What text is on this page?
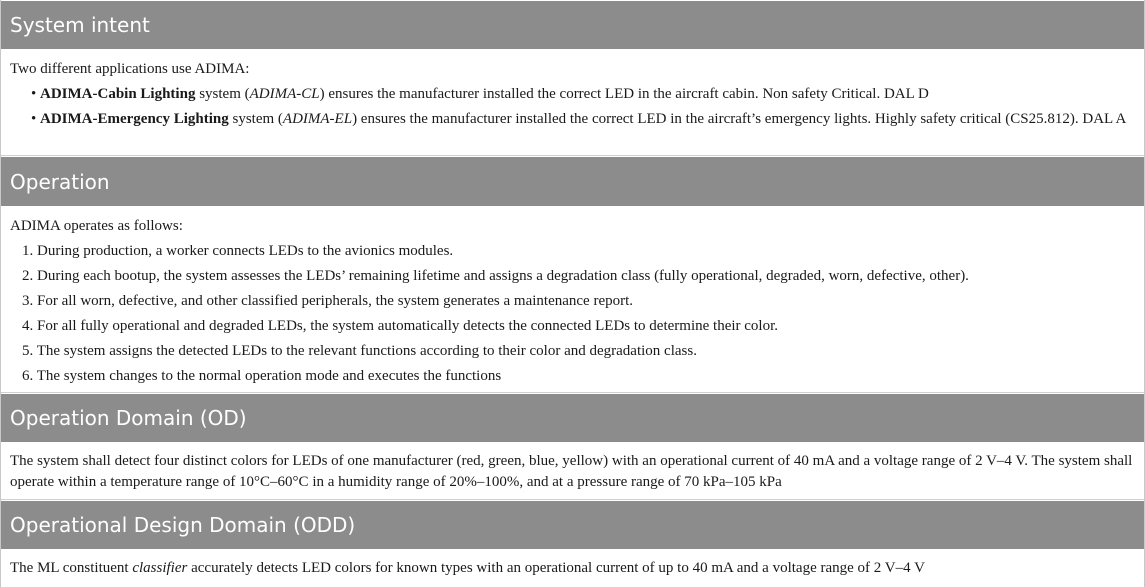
System intent

Two different applications use ADIMA:

• ADIMA-Cabin Lighting system (ADIMA-CL) ensures the manufacturer installed the correct LED in the aircraft cabin. Non safety Critical. DAL D
• ADIMA-Emergency Lighting system (ADIMA-EL) ensures the manufacturer installed the correct LED in the aircraft’s emergency lights. Highly safety critical (CS25.812). DAL A
Operation

ADIMA operates as follows:

1. During production, a worker connects LEDs to the avionics modules.
2. During each bootup, the system assesses the LEDs’ remaining lifetime and assigns a degradation class (fully operational, degraded, worn, defective, other).
3. For all worn, defective, and other classified peripherals, the system generates a maintenance report.
4. For all fully operational and degraded LEDs, the system automatically detects the connected LEDs to determine their color.
5. The system assigns the detected LEDs to the relevant functions according to their color and degradation class.
6. The system changes to the normal operation mode and executes the functions
Operation Domain (OD)

The system shall detect four distinct colors for LEDs of one manufacturer (red, green, blue, yellow) with an operational current of 40 mA and a voltage range of 2 V–4 V. The system shall operate within a temperature range of 10°C–60°C in a humidity range of 20%–100%, and at a pressure range of 70 kPa–105 kPa

Operational Design Domain (ODD)

The ML constituent classifier accurately detects LED colors for known types with an operational current of up to 40 mA and a voltage range of 2 V–4 V
